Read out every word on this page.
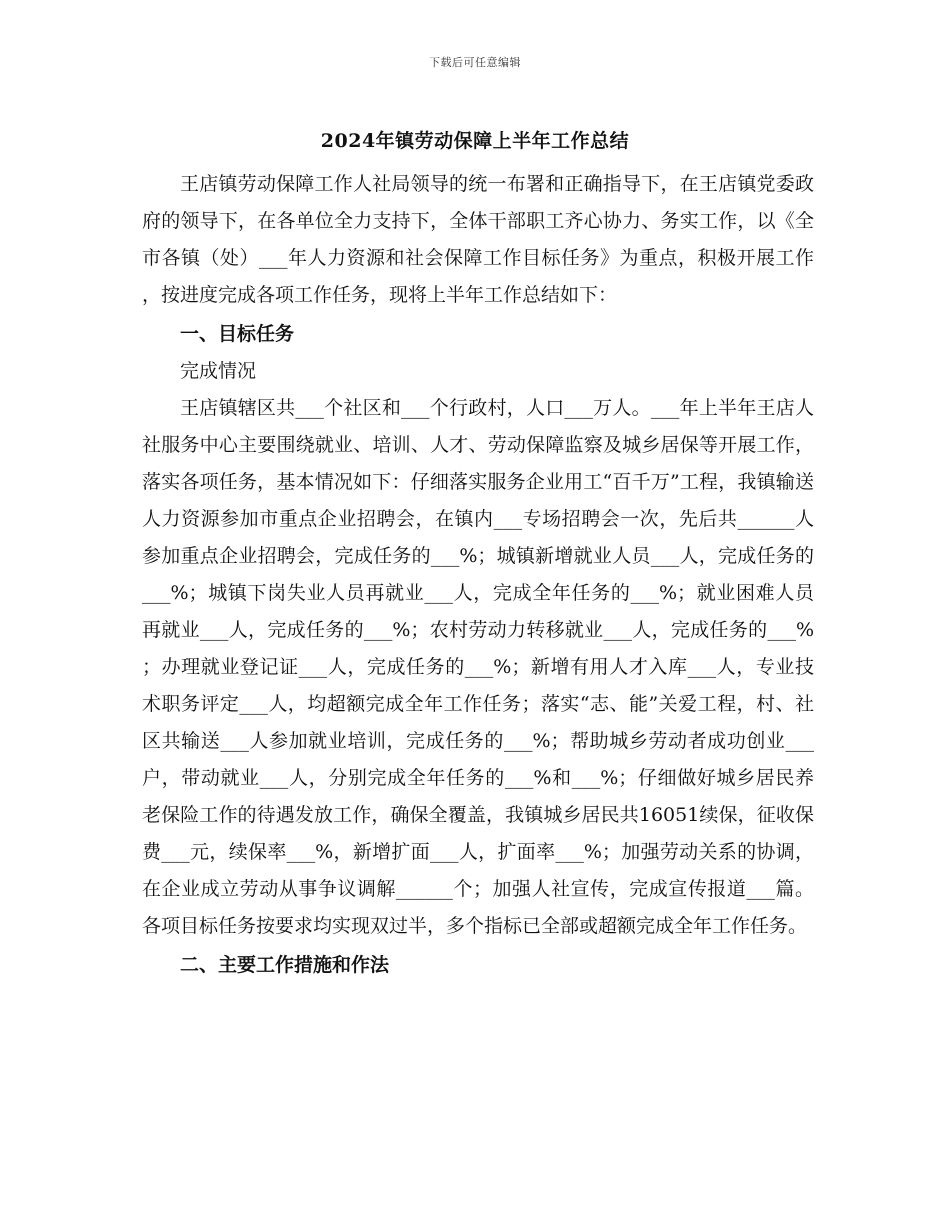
下载后可任意编辑
2024年镇劳动保障上半年工作总结

王店镇劳动保障工作人社局领导的统一布署和正确指导下，在王店镇党委政府的领导下，在各单位全力支持下，全体干部职工齐心协力、务实工作，以《全市各镇（处）___年人力资源和社会保障工作目标任务》为重点，积极开展工作，按进度完成各项工作任务，现将上半年工作总结如下：

一、目标任务

完成情况

王店镇辖区共___个社区和___个行政村，人口___万人。___年上半年王店人社服务中心主要围绕就业、培训、人才、劳动保障监察及城乡居保等开展工作，落实各项任务，基本情况如下：仔细落实服务企业用工“百千万”工程，我镇输送人力资源参加市重点企业招聘会，在镇内___专场招聘会一次，先后共______人参加重点企业招聘会，完成任务的___%；城镇新增就业人员___人，完成任务的___%；城镇下岗失业人员再就业___人，完成全年任务的___%；就业困难人员再就业___人，完成任务的___%；农村劳动力转移就业___人，完成任务的___%；办理就业登记证___人，完成任务的___%；新增有用人才入库___人，专业技术职务评定___人，均超额完成全年工作任务；落实“志、能”关爱工程，村、社区共输送___人参加就业培训，完成任务的___%；帮助城乡劳动者成功创业___户，带动就业___人，分别完成全年任务的___%和___%；仔细做好城乡居民养老保险工作的待遇发放工作，确保全覆盖，我镇城乡居民共16051续保，征收保费___元，续保率___%，新增扩面___人，扩面率___%；加强劳动关系的协调，在企业成立劳动从事争议调解______个；加强人社宣传，完成宣传报道___篇。各项目标任务按要求均实现双过半，多个指标已全部或超额完成全年工作任务。

二、主要工作措施和作法
